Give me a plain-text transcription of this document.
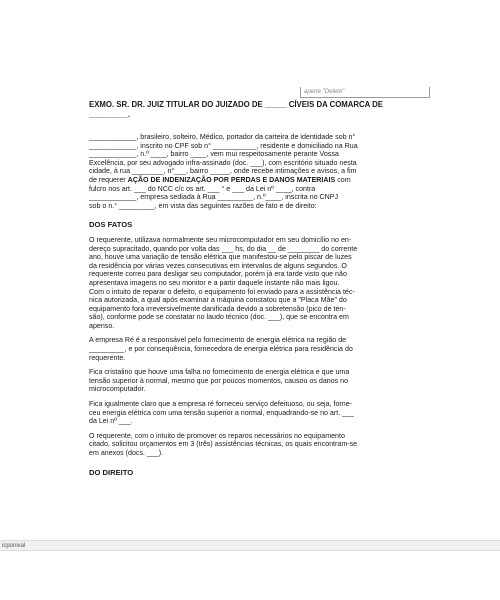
aperte "Delete"
EXMO. SR. DR. JUIZ TITULAR DO JUIZADO DE _____ CÍVEIS DA COMARCA DE
_________.
____________, brasileiro, solteiro, Médico, portador da carteira de identidade sob n°
____________, inscrito no CPF sob n° ___________, residente e domiciliado na Rua
____________, n.º ____, bairro ____, vem mui respeitosamente perante Vossa
Excelência, por seu advogado infra-assinado (doc. ___), com escritório situado nesta
cidade, à rua ________, n°___, bairro _____, onde recebe intimações e avisos, a fim
de requerer AÇÃO DE INDENIZAÇÃO POR PERDAS E DANOS MATERIAIS com
fulcro nos art. ___ do NCC c/c os art. ___ ° e ___ da Lei nº ____, contra
____________, empresa sediada à Rua _________, n.º____, inscrita no CNPJ
sob o n.° _________, em vista das seguintes razões de fato e de direito:
DOS FATOS
O requerente, utilizava normalmente seu microcomputador em seu domicílio no en-
dereço supracitado, quando por volta das ___ hs, do dia __ de ________ do corrente
ano, houve uma variação de tensão elétrica que manifestou-se pelo piscar de luzes
da residência por várias vezes consecutivas em intervalos de alguns segundos. O
requerente correu para desligar seu computador, porém já era tarde visto que não
apresentava imagens no seu monitor e a partir daquele instante não mais ligou.
Com o intuito de reparar o defeito, o equipamento foi enviado para a assistência téc-
nica autorizada, a qual após examinar a máquina constatou que a "Placa Mãe" do
equipamento fora irreversivelmente danificada devido a sobretensão (pico de ten-
são), conforme pode se constatar no laudo técnico (doc. ___), que se encontra em
apenso.
A empresa Ré é a responsável pelo fornecimento de energia elétrica na região de
_________, e por consequência, fornecedora de energia elétrica para residência do
requerente.
Fica cristalino que houve uma falha no fornecimento de energia elétrica e que uma
tensão superior à normal, mesmo que por poucos momentos, causou os danos no
microcomputador.
Fica igualmente claro que a empresa ré forneceu serviço defeituoso, ou seja, forne-
ceu energia elétrica com uma tensão superior a normal, enquadrando-se no art. ___
da Lei nº ___.
O requerente, com o intuito de promover os reparos necessários no equipamento
citado, solicitou orçamentos em 3 (três) assistências técnicas, os quais encontram-se
em anexos (docs. ___).
DO DIREITO
icponival
